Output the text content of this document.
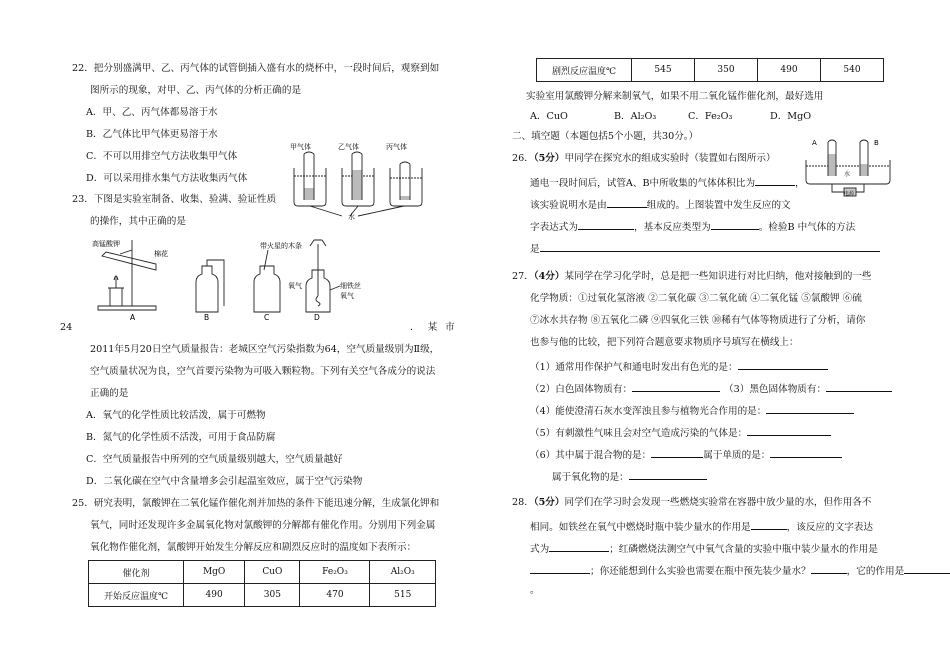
22．把分别盛满甲、乙、丙气体的试管倒插入盛有水的烧杯中，一段时间后，观察到如
图所示的现象，对甲、乙、丙气体的分析正确的是
A．甲、乙、丙气体都易溶于水
B．乙气体比甲气体更易溶于水
C．不可以用排空气方法收集甲气体
D．可以采用排水集气方法收集丙气体
甲气体	乙气体	丙气体
水
23．下图是实验室制备、收集、验满、验证性质
的操作，其中正确的是
高锰酸钾
棉花
带火星的木条
氧气	细铁丝
氧气
A	B	C	D
24	．某市
2011年5月20日空气质量报告：老城区空气污染指数为64，空气质量级别为Ⅱ级，
空气质量状况为良，空气首要污染物为可吸入颗粒物。下列有关空气各成分的说法
正确的是
A．氧气的化学性质比较活泼，属于可燃物
B．氮气的化学性质不活泼，可用于食品防腐
C．空气质量报告中所列的空气质量级别越大，空气质量越好
D．二氧化碳在空气中含量增多会引起温室效应，属于空气污染物
25．研究表明，氯酸钾在二氧化锰作催化剂并加热的条件下能迅速分解，生成氯化钾和
氧气，同时还发现许多金属氧化物对氯酸钾的分解都有催化作用。分别用下列金属
氧化物作催化剂，氯酸钾开始发生分解反应和剧烈反应时的温度如下表所示：
催化剂	MgO	CuO	Fe₂O₃	Al₂O₃
开始反应温度℃	490	305	470	515
剧烈反应温度℃	545	350	490	540
实验室用氯酸钾分解来制氧气，如果不用二氧化锰作催化剂，最好选用
A．CuO	B．Al₂O₃	C．Fe₂O₃	D．MgO
二、填空题（本题包括5个小题，共30分。）
26．（5分）甲同学在探究水的组成实验时（装置如右图所示）
通电一段时间后，试管A、B中所收集的气体体积比为	，
该实验说明水是由	组成的。上图装置中发生反应的文
字表达式为	，基本反应类型为	。检验B 中气体的方法
是
A	B
水
电源
27．（4分）某同学在学习化学时，总是把一些知识进行对比归纳，他对接触到的一些
化学物质：①过氧化氢溶液 ②二氧化碳 ③二氧化硫 ④二氧化锰 ⑤氯酸钾 ⑥硫
⑦冰水共存物 ⑧五氧化二磷 ⑨四氧化三铁 ⑩稀有气体等物质进行了分析，请你
也参与他的比较，把下列符合题意要求物质序号填写在横线上：
（1）通常用作保护气和通电时发出有色光的是：
（2）白色固体物质有：	（3）黑色固体物质有：
（4）能使澄清石灰水变浑浊且参与植物光合作用的是：
（5）有刺激性气味且会对空气造成污染的气体是：
（6）其中属于混合物的是：	属于单质的是：
属于氧化物的是：
28．（5分）同学们在学习时会发现一些燃烧实验常在容器中放少量的水，但作用各不
相同。如铁丝在氧气中燃烧时瓶中装少量水的作用是	，该反应的文字表达
式为	；红磷燃烧法测空气中氧气含量的实验中瓶中装少量水的作用是
；你还能想到什么实验也需要在瓶中预先装少量水？	，它的作用是
。
